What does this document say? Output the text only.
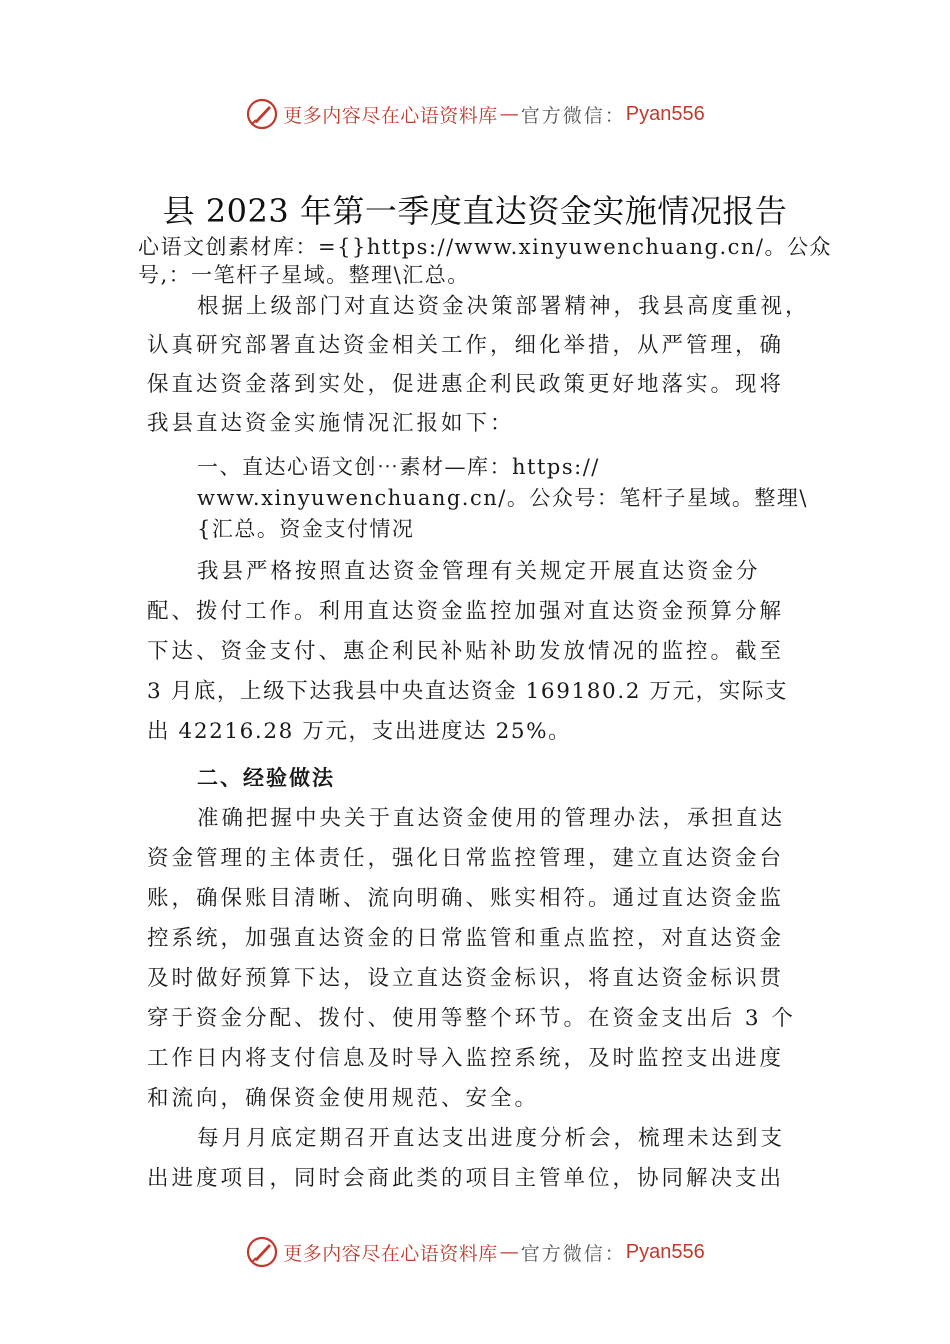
更多内容尽在心语资料库 — 官方微信： Pyan556
县 2023 年第一季度直达资金实施情况报告
心语文创素材库：={}https://www.xinyuwenchuang.cn/。公众
号,：一笔杆子星域。整理\汇总。
根据上级部门对直达资金决策部署精神，我县高度重视，
认真研究部署直达资金相关工作，细化举措，从严管理，确
保直达资金落到实处，促进惠企利民政策更好地落实。现将
我县直达资金实施情况汇报如下：
一、直达心语文创⋯素材—库：https://
www.xinyuwenchuang.cn/。公众号：笔杆子星域。整理\
{汇总。资金支付情况
我县严格按照直达资金管理有关规定开展直达资金分
配、拨付工作。利用直达资金监控加强对直达资金预算分解
下达、资金支付、惠企利民补贴补助发放情况的监控。截至
3 月底，上级下达我县中央直达资金 169180.2 万元，实际支
出 42216.28 万元，支出进度达 25%。
二、经验做法
准确把握中央关于直达资金使用的管理办法，承担直达
资金管理的主体责任，强化日常监控管理，建立直达资金台
账，确保账目清晰、流向明确、账实相符。通过直达资金监
控系统，加强直达资金的日常监管和重点监控，对直达资金
及时做好预算下达，设立直达资金标识，将直达资金标识贯
穿于资金分配、拨付、使用等整个环节。在资金支出后 3 个
工作日内将支付信息及时导入监控系统，及时监控支出进度
和流向，确保资金使用规范、安全。
每月月底定期召开直达支出进度分析会，梳理未达到支
出进度项目，同时会商此类的项目主管单位，协同解决支出
更多内容尽在心语资料库 — 官方微信： Pyan556
